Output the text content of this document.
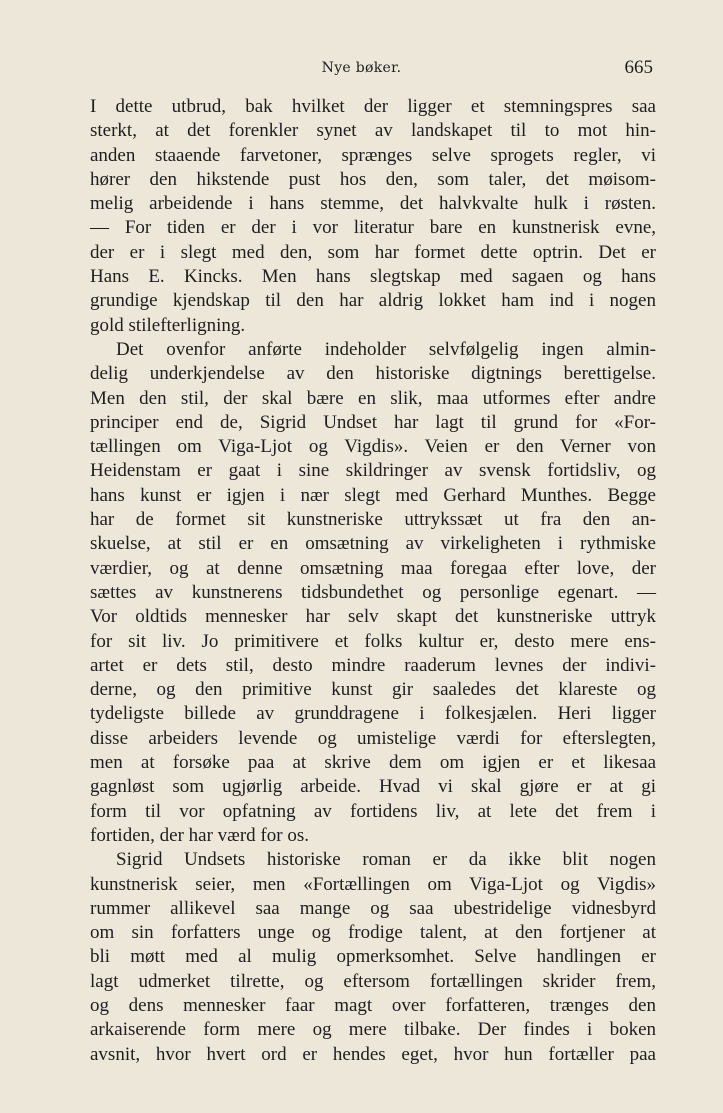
Nye bøker.	665
I dette utbrud, bak hvilket der ligger et stemningspres saa
sterkt, at det forenkler synet av landskapet til to mot hin-
anden staaende farvetoner, sprænges selve sprogets regler, vi
hører den hikstende pust hos den, som taler, det møisom-
melig arbeidende i hans stemme, det halvkvalte hulk i røsten.
— For tiden er der i vor literatur bare en kunstnerisk evne,
der er i slegt med den, som har formet dette optrin. Det er
Hans E. Kincks. Men hans slegtskap med sagaen og hans
grundige kjendskap til den har aldrig lokket ham ind i nogen
gold stilefterligning.
Det ovenfor anførte indeholder selvfølgelig ingen almin-
delig underkjendelse av den historiske digtnings berettigelse.
Men den stil, der skal bære en slik, maa utformes efter andre
principer end de, Sigrid Undset har lagt til grund for «For-
tællingen om Viga-Ljot og Vigdis». Veien er den Verner von
Heidenstam er gaat i sine skildringer av svensk fortidsliv, og
hans kunst er igjen i nær slegt med Gerhard Munthes. Begge
har de formet sit kunstneriske uttrykssæt ut fra den an-
skuelse, at stil er en omsætning av virkeligheten i rythmiske
værdier, og at denne omsætning maa foregaa efter love, der
sættes av kunstnerens tidsbundethet og personlige egenart. —
Vor oldtids mennesker har selv skapt det kunstneriske uttryk
for sit liv. Jo primitivere et folks kultur er, desto mere ens-
artet er dets stil, desto mindre raaderum levnes der indivi-
derne, og den primitive kunst gir saaledes det klareste og
tydeligste billede av grunddragene i folkesjælen. Heri ligger
disse arbeiders levende og umistelige værdi for efterslegten,
men at forsøke paa at skrive dem om igjen er et likesaa
gagnløst som ugjørlig arbeide. Hvad vi skal gjøre er at gi
form til vor opfatning av fortidens liv, at lete det frem i
fortiden, der har værd for os.
Sigrid Undsets historiske roman er da ikke blit nogen
kunstnerisk seier, men «Fortællingen om Viga-Ljot og Vigdis»
rummer allikevel saa mange og saa ubestridelige vidnesbyrd
om sin forfatters unge og frodige talent, at den fortjener at
bli møtt med al mulig opmerksomhet. Selve handlingen er
lagt udmerket tilrette, og eftersom fortællingen skrider frem,
og dens mennesker faar magt over forfatteren, trænges den
arkaiserende form mere og mere tilbake. Der findes i boken
avsnit, hvor hvert ord er hendes eget, hvor hun fortæller paa
